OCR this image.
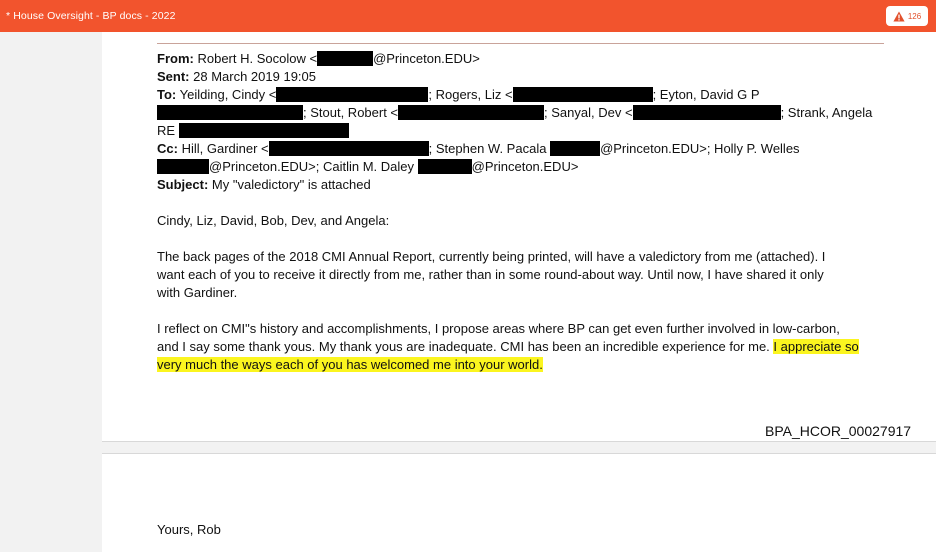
* House Oversight - BP docs - 2022	126
From: Robert H. Socolow <	@Princeton.EDU>
Sent: 28 March 2019 19:05
To: Yeilding, Cindy <	; Rogers, Liz <	; Eyton, David G P
; Stout, Robert <	; Sanyal, Dev <	; Strank, Angela
RE
Cc: Hill, Gardiner <	; Stephen W. Pacala	@Princeton.EDU>; Holly P. Welles
@Princeton.EDU>; Caitlin M. Daley	@Princeton.EDU>
Subject: My "valedictory" is attached
Cindy, Liz, David, Bob, Dev, and Angela:
The back pages of the 2018 CMI Annual Report, currently being printed, will have a valedictory from me (attached). I
want each of you to receive it directly from me, rather than in some round-about way. Until now, I have shared it only
with Gardiner.
I reflect on CMI"s history and accomplishments, I propose areas where BP can get even further involved in low-carbon,
and I say some thank yous. My thank yous are inadequate. CMI has been an incredible experience for me. I appreciate so
very much the ways each of you has welcomed me into your world.
BPA_HCOR_00027917
Yours, Rob
